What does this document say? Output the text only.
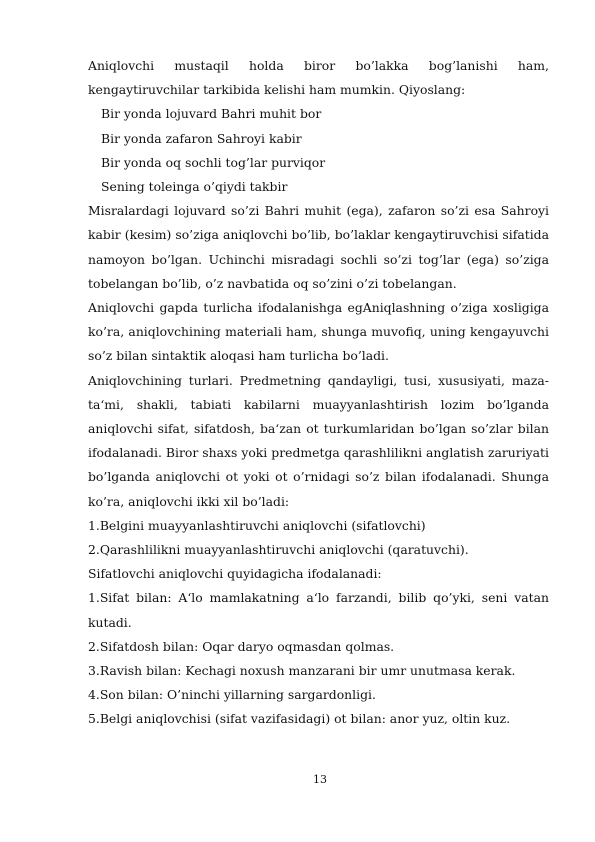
Aniqlovchi mustaqil holda biror bo’lakka bog’lanishi ham, kengaytiruvchilar tarkibida kelishi ham mumkin. Qiyoslang:

Bir yonda lojuvard Bahri muhit bor

Bir yonda zafaron Sahroyi kabir

Bir yonda oq sochli tog’lar purviqor

Sening toleinga o’qiydi takbir

Misralardagi lojuvard so’zi Bahri muhit (ega), zafaron so’zi esa Sahroyi kabir (kesim) so’ziga aniqlovchi bo’lib, bo’laklar kengaytiruvchisi sifatida namoyon bo’lgan. Uchinchi misradagi sochli so’zi tog’lar (ega) so’ziga tobelangan bo’lib, o’z navbatida oq so’zini o’zi tobelangan.

Aniqlovchi gapda turlicha ifodalanishga egAniqlashning o’ziga xosligiga ko’ra, aniqlovchining materiali ham, shunga muvofiq, uning kengayuvchi so’z bilan sintaktik aloqasi ham turlicha bo’ladi.

Aniqlovchining turlari. Predmetning qandayligi, tusi, xususiyati, maza-ta‘mi, shakli, tabiati kabilarni muayyanlashtirish lozim bo’lganda aniqlovchi sifat, sifatdosh, ba‘zan ot turkumlaridan bo’lgan so’zlar bilan ifodalanadi. Biror shaxs yoki predmetga qarashlilikni anglatish zaruriyati bo’lganda aniqlovchi ot yoki ot o’rnidagi so’z bilan ifodalanadi. Shunga ko’ra, aniqlovchi ikki xil bo’ladi:

1.Belgini muayyanlashtiruvchi aniqlovchi (sifatlovchi)

2.Qarashlilikni muayyanlashtiruvchi aniqlovchi (qaratuvchi).

Sifatlovchi aniqlovchi quyidagicha ifodalanadi:

1.Sifat bilan: A‘lo mamlakatning a‘lo farzandi, bilib qo’yki, seni vatan kutadi.

2.Sifatdosh bilan: Oqar daryo oqmasdan qolmas.

3.Ravish bilan: Kechagi noxush manzarani bir umr unutmasa kerak.

4.Son bilan: O’ninchi yillarning sargardonligi.

5.Belgi aniqlovchisi (sifat vazifasidagi) ot bilan: anor yuz, oltin kuz.

13
